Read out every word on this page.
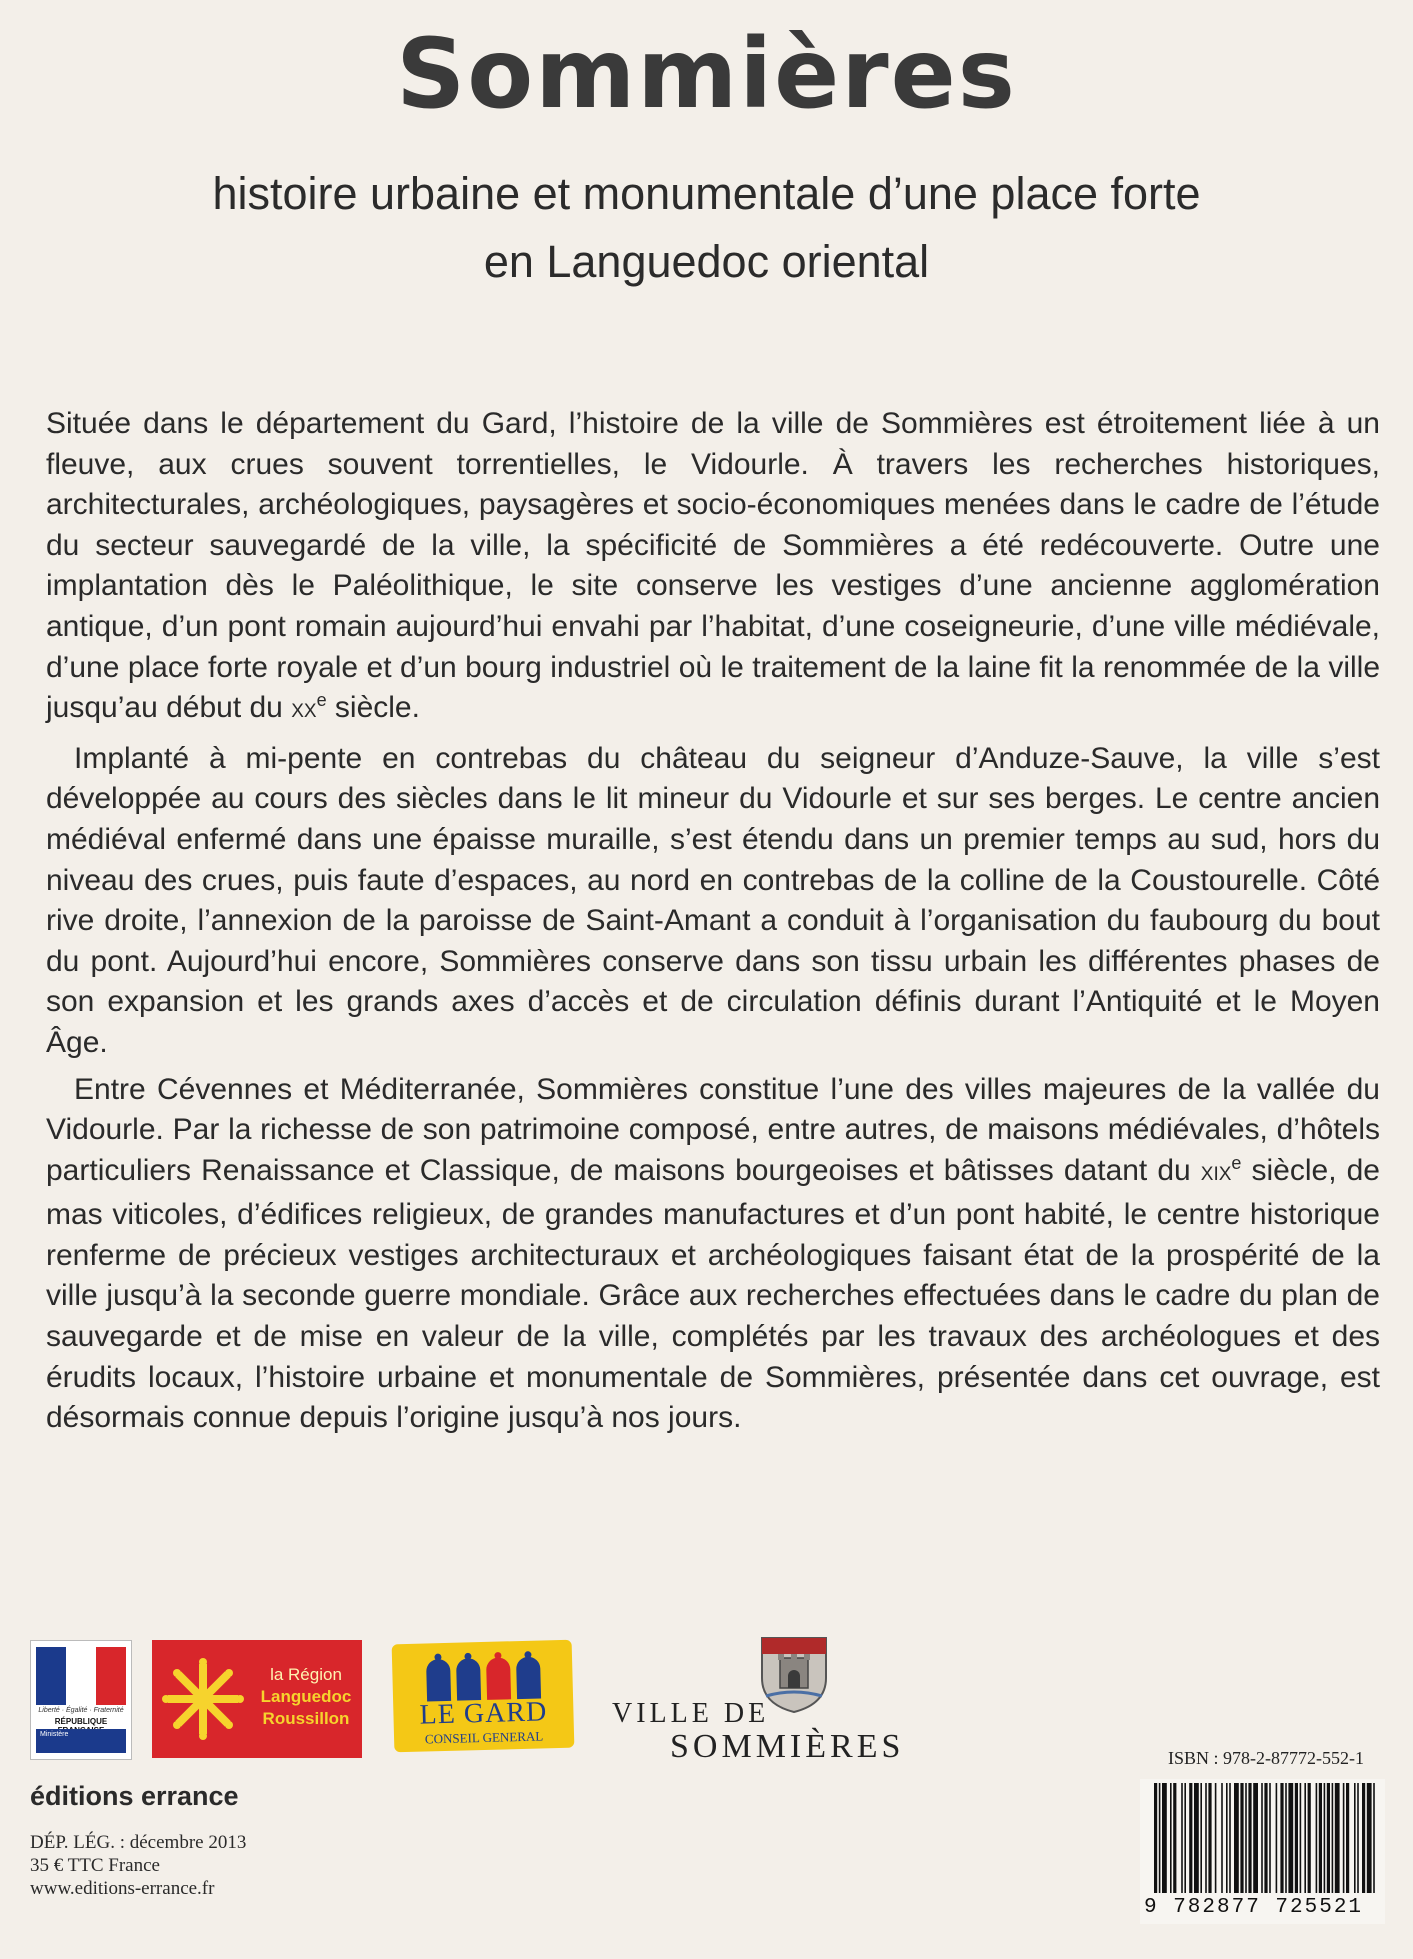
Sommières
histoire urbaine et monumentale d’une place forte
en Languedoc oriental

Située dans le département du Gard, l’histoire de la ville de Sommières est étroitement liée à un fleuve, aux crues souvent torrentielles, le Vidourle. À travers les recherches historiques, architecturales, archéologiques, paysagères et socio-économiques menées dans le cadre de l’étude du secteur sauvegardé de la ville, la spécificité de Sommières a été redécouverte. Outre une implantation dès le Paléolithique, le site conserve les vestiges d’une ancienne agglomération antique, d’un pont romain aujourd’hui envahi par l’habitat, d’une coseigneurie, d’une ville médiévale, d’une place forte royale et d’un bourg industriel où le traitement de la laine fit la renommée de la ville jusqu’au début du XXe siècle.

Implanté à mi-pente en contrebas du château du seigneur d’Anduze-Sauve, la ville s’est développée au cours des siècles dans le lit mineur du Vidourle et sur ses berges. Le centre ancien médiéval enfermé dans une épaisse muraille, s’est étendu dans un premier temps au sud, hors du niveau des crues, puis faute d’espaces, au nord en contrebas de la colline de la Coustourelle. Côté rive droite, l’annexion de la paroisse de Saint-Amant a conduit à l’organisation du faubourg du bout du pont. Aujourd’hui encore, Sommières conserve dans son tissu urbain les différentes phases de son expansion et les grands axes d’accès et de circulation définis durant l’Antiquité et le Moyen Âge.

Entre Cévennes et Méditerranée, Sommières constitue l’une des villes majeures de la vallée du Vidourle. Par la richesse de son patrimoine composé, entre autres, de maisons médiévales, d’hôtels particuliers Renaissance et Classique, de maisons bourgeoises et bâtisses datant du XIXe siècle, de mas viticoles, d’édifices religieux, de grandes manufactures et d’un pont habité, le centre historique renferme de précieux vestiges architecturaux et archéologiques faisant état de la prospérité de la ville jusqu’à la seconde guerre mondiale. Grâce aux recherches effectuées dans le cadre du plan de sauvegarde et de mise en valeur de la ville, complétés par les travaux des archéologues et des érudits locaux, l’histoire urbaine et monumentale de Sommières, présentée dans cet ouvrage, est désormais connue depuis l’origine jusqu’à nos jours.

Liberté · Égalité · Fraternité
RÉPUBLIQUE
Ministère
la Région
Languedoc
Roussillon	LE GARD
CONSEIL GENERAL
VILLE DE
SOMMIÈRES
éditions errance
DÉP. LÉG. : décembre 2013
35 € TTC France
www.editions-errance.fr
ISBN : 978-2-87772-552-1
9 782877 725521
